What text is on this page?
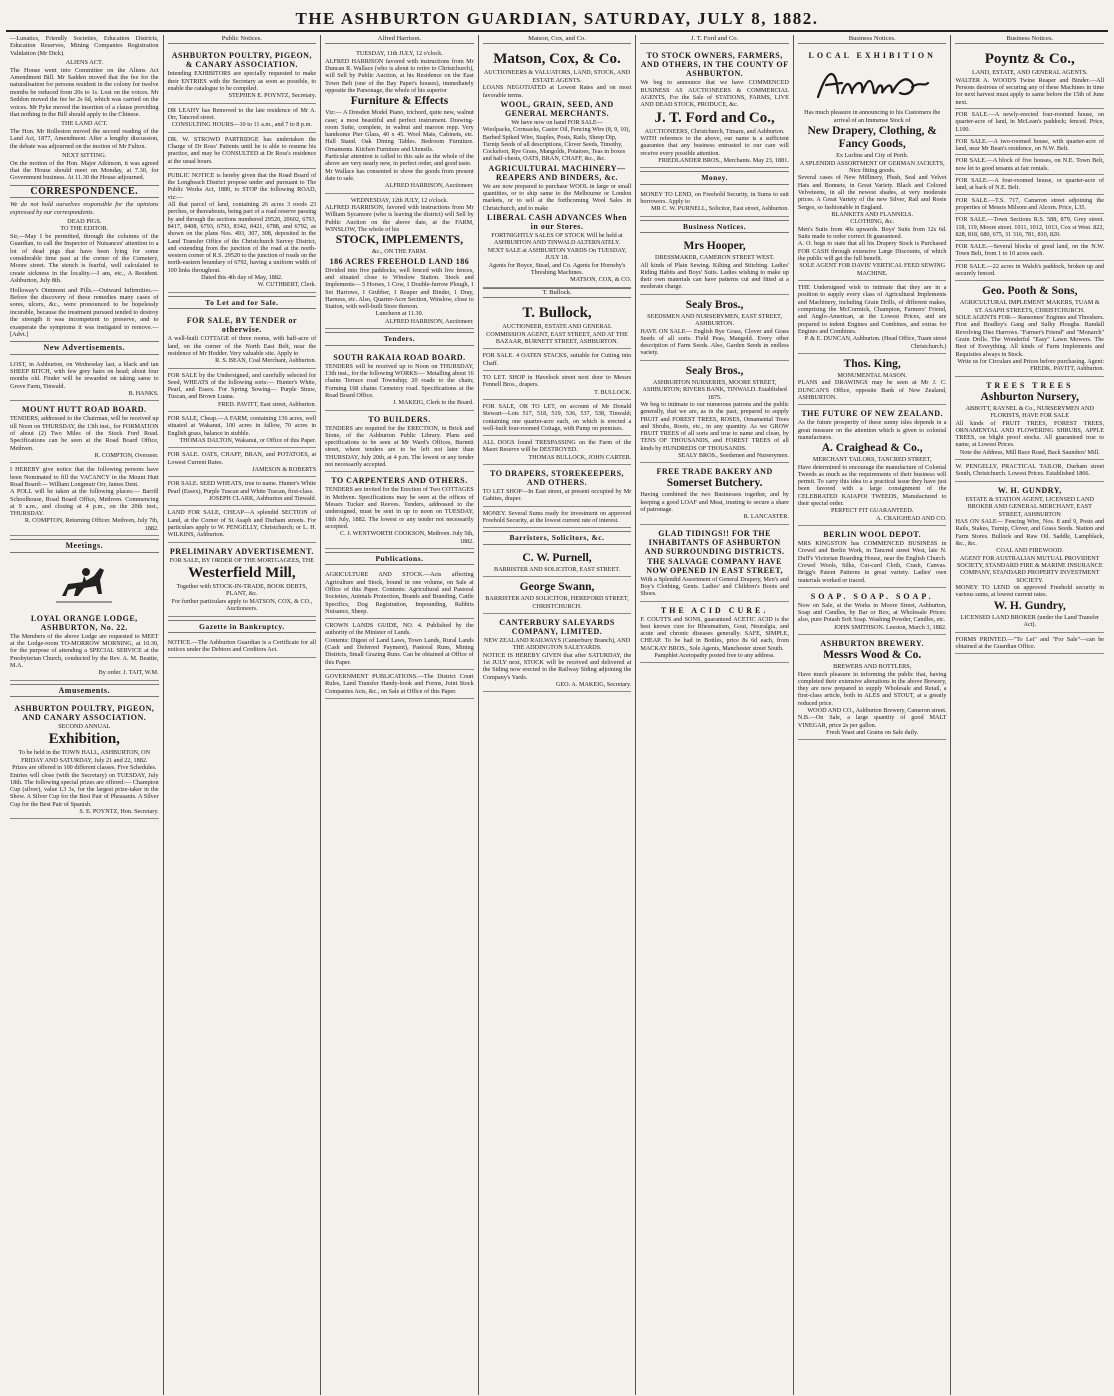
THE ASHBURTON GUARDIAN, SATURDAY, JULY 8, 1882.
—Lunatics, Friendly Societies, Education Districts, Education Reserves, Mining Companies Registration Validation (Mr Dick).
ALIENS ACT.
The House went into Committee on the Aliens Act Amendment Bill. Mr Sadden moved that the fee for the naturalisation for persons resident in the colony for twelve months be reduced from 20s to 1s. Lost on the voices. Mr Seddon moved the fee be 2s 6d, which was carried on the voices. Mr Pyke moved the insertion of a clause providing that nothing in the Bill should apply to the Chinese.
THE LAND ACT.
The Hon. Mr Rolleston moved the second reading of the Land Act, 1877, Amendment. After a lengthy discussion, the debate was adjourned on the motion of Mr Fulton.
NEXT SITTING.
On the motion of the Hon. Major Atkinson, it was agreed that the House should meet on Monday, at 7.30, for Government business. At 11.30 the House adjourned.
CORRESPONDENCE.
We do not hold ourselves responsible for the opinions expressed by our correspondents.
DEAD PIGS.
TO THE EDITOR.
Sir,—May I be permitted, through the columns of the Guardian, to call the Inspector of Nuisances' attention to a lot of dead pigs that have been lying for some considerable time past at the corner of the Cemetery, Moore street. The stench is fearful, well calculated to create sickness in the locality.—I am, etc., A Resident. Ashburton, July 8th.
Holloway's Ointment and Pills.—Outward Infirmities.—Before the discovery of these remedies many cases of sores, ulcers, &c., were pronounced to be hopelessly incurable, because the treatment pursued tended to destroy the strength it was incompetent to preserve, and to exasperate the symptoms it was instigated to remove.—[Advt.]
New Advertisements.
LOST, in Ashburton, on Wednesday last, a black and tan SHEEP BITCH, with few grey hairs on head; about four months old. Finder will be rewarded on taking same to Grove Farm, Tinwald.
B. HANKS.
MOUNT HUTT ROAD BOARD.
TENDERS, addressed to the Chairman, will be received up till Noon on THURSDAY, the 13th inst., for FORMATION of about (2) Two Miles of the Stock Ford Road. Specifications can be seen at the Road Board Office, Methven.
R. COMPTON, Overseer.
I HEREBY give notice that the following persons have been Nominated to fill the VACANCY in the Mount Hutt Road Board:— William Longmuir Orr, James Dent.
A POLL will be taken at the following places:— Barrill Schoolhouse, Road Board Office, Methven. Commencing at 9 a.m., and closing at 4 p.m., on the 20th inst., THURSDAY.
R. COMPTON, Returning Officer. Methven, July 7th, 1882.
Meetings.
LOYAL ORANGE LODGE, ASHBURTON, No. 22.
The Members of the above Lodge are requested to MEET at the Lodge-room TO-MORROW MORNING, at 10.30, for the purpose of attending a SPECIAL SERVICE at the Presbyterian Church, conducted by the Rev. A. M. Beattie, M.A.
By order. J. TAIT, W.M.
Amusements.
ASHBURTON POULTRY, PIGEON, AND CANARY ASSOCIATION.
SECOND ANNUAL
Exhibition,
To be held in the TOWN HALL, ASHBURTON, ON FRIDAY AND SATURDAY, July 21 and 22, 1882.
Prizes are offered in 100 different classes. Five Schedules.
Entries will close (with the Secretary) on TUESDAY, July 18th. The following special prizes are offered:— Champion Cup (silver), value L3 3s, for the largest prize-taker in the Show. A Silver Cup for the Best Pair of Pheasants. A Silver Cup for the Best Pair of Spanish.
S. E. POYNTZ, Hon. Secretary.
Public Notices.
ASHBURTON POULTRY, PIGEON, & CANARY ASSOCIATION.
Intending EXHIBITORS are specially requested to make their ENTRIES with the Secretary as soon as possible, to enable the catalogue to be compiled.
STEPHEN E. POYNTZ, Secretary.
DR LEAHY has Removed to the late residence of Mr A. Orr, Tancred street.
CONSULTING HOURS—10 to 11 a.m., and 7 to 8 p.m.
DR. W. STROWD PARTRIDGE has undertaken the Charge of Dr Ross' Patients until he is able to resume his practice, and may be CONSULTED at Dr Ross's residence at the usual hours.
PUBLIC NOTICE is hereby given that the Road Board of the Longbeach District propose under and pursuant to The Public Works Act, 1880, to STOP the following ROAD, viz:—
All that parcel of land, containing 26 acres 3 roods 23 perches, or thereabouts, being part of a road reserve passing by and through the sections numbered 29520, 20602, 6793, 8417, 8408, 6793, 6793, 8342, 8421, 6788, and 6792, as shown on the plans Nos. 493, 307, 308, deposited in the Land Transfer Office of the Christchurch Survey District, and extending from the junction of the road at the north-western corner of R.S. 29520 to the junction of roads on the north-eastern boundary of 6792, having a uniform width of 100 links throughout.
Dated this 4th day of May, 1882.
W. CUTHBERT, Clerk.
To Let and for Sale.
FOR SALE, BY TENDER or otherwise.
A well-built COTTAGE of three rooms, with half-acre of land, on the corner of the North East Belt, near the residence of Mr Hodder. Very valuable site. Apply to
R. S. BEAN, Coal Merchant, Ashburton.
FOR SALE by the Undersigned, and carefully selected for Seed, WHEATS of the following sorts:— Hunter's White, Pearl, and Essex. For Spring Sowing— Purple Straw, Tuscan, and Brown Luana.
FRED. PAVITT, East street, Ashburton.
FOR SALE, Cheap.—A FARM, containing 136 acres, well situated at Wakanui, 100 acres in fallow, 70 acres in English grass, balance in stubble.
THOMAS DALTON, Wakanui, or Office of this Paper.
FOR SALE. OATS, CHAFF, BRAN, and POTATOES, at Lowest Current Rates.
JAMESON & ROBERTS
FOR SALE. SEED WHEATS, true to name. Hunter's White Pearl (Essex), Purple Tuscan and White Tuscan, first-class.
JOSEPH CLARK, Ashburton and Tinwald.
LAND FOR SALE, CHEAP—A splendid SECTION of Land, at the Corner of St Asaph and Durham streets. For particulars apply to W. PENGELLY, Christchurch; or L. H. WILKINS, Ashburton.
PRELIMINARY ADVERTISEMENT.
FOR SALE, BY ORDER OF THE MORTGAGEES, THE
Westerfield Mill,
Together with STOCK-IN-TRADE, BOOK DEBTS, PLANT, &c.
For further particulars apply to MATSON, COX, & CO., Auctioneers.
Gazette in Bankruptcy.
NOTICE.—The Ashburton Guardian is a Certificate for all notices under the Debtors and Creditors Act.
Alfred Harrison.
TUESDAY, 11th JULY, 12 o'clock.
ALFRED HARRISON favored with instructions from Mr Duncan R. Wallace (who is about to retire to Christchurch), will Sell by Public Auction, at his Residence on the East Town Belt (one of the Bay Paper's houses), immediately opposite the Parsonage, the whole of his superior
Furniture & Effects
Viz:— A Dresden Model Piano, trichord, quite new, walnut case; a most beautiful and perfect instrument. Drawing-room Suite, complete, in walnut and maroon repp. Very handsome Pier Glass, 40 x 45. Wool Mats, Cabinets, etc. Hall Stand. Oak Dining Tables. Bedroom Furniture. Ornaments. Kitchen Furniture and Utensils.
Particular attention is called to this sale as the whole of the above are very nearly new, in perfect order, and good taste.
Mr Wallace has consented to show the goods from present date to sale.
ALFRED HARRISON, Auctioneer.
WEDNESDAY, 12th JULY, 12 o'clock.
ALFRED HARRISON, favored with instructions from Mr William Sycamore (who is leaving the district) will Sell by Public Auction on the above date, at the FARM, WINSLOW, The whole of his
STOCK, IMPLEMENTS,
&c., ON THE FARM.
186 ACRES FREEHOLD LAND 186
Divided into five paddocks; well fenced with live fences, and situated close to Winslow Station. Stock and Implements— 5 Horses, 1 Cow, 1 Double-furrow Plough, 1 Set Harrows, 1 Grubber, 1 Reaper and Binder, 1 Dray, Harness, etc. Also, Quarter-Acre Section, Winslow, close to Station, with well-built Store thereon.
Luncheon at 11.30.
ALFRED HARRISON, Auctioneer.
Tenders.
SOUTH RAKAIA ROAD BOARD.
TENDERS will be received up to Noon on THURSDAY, 13th inst., for the following WORKS:— Metalling about 16 chains Terrace road Township; 20 roads to the chain; Forming 168 chains Cemetery road. Specifications at the Road Board Office.
J. MAKEIG, Clerk to the Board.
TO BUILDERS.
TENDERS are required for the ERECTION, in Brick and Stone, of the Ashburton Public Library. Plans and specifications to be seen at Mr Ward's Offices, Burnett street, where tenders are to be left not later than THURSDAY, July 20th, at 4 p.m. The lowest or any tender not necessarily accepted.
TO CARPENTERS AND OTHERS.
TENDERS are invited for the Erection of Two COTTAGES in Methven. Specifications may be seen at the offices of Messrs Tucker and Reeves. Tenders, addressed to the undersigned, must be sent in up to noon on TUESDAY, 18th July, 1882. The lowest or any tender not necessarily accepted.
C. J. WENTWORTH COOKSON, Methven. July 5th, 1882.
Publications.
AGRICULTURE AND STOCK.—Acts affecting Agriculture and Stock, bound in one volume, on Sale at Office of this Paper. Contents: Agricultural and Pastoral Societies, Animals Protection, Brands and Branding, Cattle Specifics, Dog Registration, Impounding, Rabbits Nuisance, Sheep.
CROWN LANDS GUIDE, NO. 4. Published by the authority of the Minister of Lands.
Contents: Digest of Land Laws, Town Lands, Rural Lands (Cash and Deferred Payment), Pastoral Runs, Mining Districts, Small Grazing Runs. Can be obtained at Office of this Paper.
GOVERNMENT PUBLICATIONS.—The District Court Rules, Land Transfer Handy-book and Forms, Joint Stock Companies Acts, &c., on Sale at Office of this Paper.
Matson, Cox, and Co.
Matson, Cox, & Co.
AUCTIONEERS & VALUATORS, LAND, STOCK, AND ESTATE AGENTS.
LOANS NEGOTIATED at Lowest Rates and on most favorable terms.
WOOL, GRAIN, SEED, AND GENERAL MERCHANTS.
We have now on hand FOR SALE—
Woolpacks, Cornsacks, Castor Oil, Fencing Wire (8, 9, 10), Barbed Spiked Wire, Staples, Posts, Rails, Sheep Dip, Turnip Seeds of all descriptions, Clover Seeds, Timothy, Cocksfoot, Rye Grass, Mangolds, Potatoes, Teas in boxes and half-chests, OATS, BRAN, CHAFF, &c., &c.
AGRICULTURAL MACHINERY—REAPERS AND BINDERS, &c.
We are now prepared to purchase WOOL in large or small quantities, or to ship same to the Melbourne or London markets, or to sell at the forthcoming Wool Sales in Christchurch, and to make
LIBERAL CASH ADVANCES When in our Stores.
FORTNIGHTLY SALES OF STOCK Will be held at ASHBURTON AND TINWALD ALTERNATELY.
NEXT SALE at ASHBURTON YARDS On TUESDAY, JULY 18.
Agents for Boyce, Stead, and Co. Agents for Hornsby's Threshing Machines.
MATSON, COX, & CO.
T. Bullock.
T. Bullock,
AUCTIONEER, ESTATE AND GENERAL COMMISSION AGENT, EAST STREET, AND AT THE BAZAAR, BURNETT STREET, ASHBURTON.
FOR SALE. 4 OATEN STACKS, suitable for Cutting into Chaff.
TO LET. SHOP in Havelock street next door to Messrs Fennell Bros., drapers.
T. BULLOCK.
FOR SALE, OR TO LET, on account of Mr Donald Stewart—Lots 517, 518, 519, 536, 537, 538, Tinwald; containing one quarter-acre each, on which is erected a well-built four-roomed Cottage, with Pump on premises.
ALL DOGS found TRESPASSING on the Farm of the Maori Reserve will be DESTROYED.
THOMAS BULLOCK, JOHN CARTER.
TO DRAPERS, STOREKEEPERS, AND OTHERS.
TO LET SHOP—In East street, at present occupied by Mr Gabites, draper.
MONEY. Several Sums ready for investment on approved Freehold Security, at the lowest current rate of interest.
Barristers, Solicitors, &c.
C. W. Purnell,
BARRISTER AND SOLICITOR, EAST STREET.
George Swann,
BARRISTER AND SOLICITOR, HEREFORD STREET, CHRISTCHURCH.
CANTERBURY SALEYARDS COMPANY, LIMITED.
NEW ZEALAND RAILWAYS (Canterbury Branch), AND THE ADDINGTON SALEYARDS.
NOTICE IS HEREBY GIVEN that after SATURDAY, the 1st JULY next, STOCK will be received and delivered at the Siding now erected to the Railway Siding adjoining the Company's Yards.
GEO. A. MAKEIG, Secretary.
J. T. Ford and Co.
TO STOCK OWNERS, FARMERS, AND OTHERS, IN THE COUNTY OF ASHBURTON.
We beg to announce that we have COMMENCED BUSINESS AS AUCTIONEERS & COMMERCIAL AGENTS, For the Sale of STATIONS, FARMS, LIVE AND DEAD STOCK, PRODUCE, &c.
J. T. Ford and Co.,
AUCTIONEERS, Christchurch, Timaru, and Ashburton.
WITH reference to the above, our name is a sufficient guarantee that any business entrusted to our care will receive every possible attention.
FRIEDLANDER BROS., Merchants. May 23, 1881.
Money.
MONEY TO LEND, on Freehold Security, in Sums to suit borrowers. Apply to
MR C. W. PURNELL, Solicitor, East street, Ashburton.
Business Notices.
Mrs Hooper,
DRESSMAKER, CAMERON STREET WEST.
All kinds of Plain Sewing. Kilting and Stitching. Ladies' Riding Habits and Boys' Suits. Ladies wishing to make up their own materials can have patterns cut and fitted at a moderate charge.
Sealy Bros.,
SEEDSMEN AND NURSERYMEN, EAST STREET, ASHBURTON.
HAVE ON SALE— English Rye Grass, Clover and Grass Seeds of all sorts. Field Peas, Mangold. Every other description of Farm Seeds. Also, Garden Seeds in endless variety.
Sealy Bros.,
ASHBURTON NURSERIES, MOORE STREET, ASHBURTON; RIVERS BANK, TINWALD. Established 1875.
We beg to intimate to our numerous patrons and the public generally, that we are, as in the past, prepared to supply FRUIT and FOREST TREES, ROSES, Ornamental Trees and Shrubs, Roots, etc., in any quantity. As we GROW FRUIT TREES of all sorts and true to name and clean, by TENS OF THOUSANDS, and FOREST TREES of all kinds by HUNDREDS OF THOUSANDS.
SEALY BROS., Seedsmen and Nurserymen.
FREE TRADE BAKERY AND
Somerset Butchery.
Having combined the two Businesses together, and by keeping a good LOAF and Meat, trusting to secure a share of patronage.
R. LANCASTER.
GLAD TIDINGS!! FOR THE INHABITANTS OF ASHBURTON AND SURROUNDING DISTRICTS.
THE SALVAGE COMPANY HAVE NOW OPENED IN EAST STREET,
With a Splendid Assortment of General Drapery, Men's and Boy's Clothing, Gents. Ladies' and Children's Boots and Shoes.
THE ACID CURE.
F. COUTTS and SONS, guaranteed ACETIC ACID is the best known cure for Rheumatism, Gout, Neuralgia, and acute and chronic diseases generally. SAFE, SIMPLE, CHEAP. To be had in Bottles, price 8s 6d each, from MACKAY BROS., Sole Agents, Manchester street South.
Pamphlet Acetopathy posted free to any address.
Business Notices.
LOCAL EXHIBITION
Has much pleasure in announcing to his Customers the arrival of an Immense Stock of
New Drapery, Clothing, & Fancy Goods,
Ex Lurline and City of Perth.
A SPLENDID ASSORTMENT OF GERMAN JACKETS, Nice fitting goods.
Several cases of New Millinery, Plush, Seal and Velvet Hats and Bonnets, in Great Variety. Black and Colored Velveteens, in all the newest shades, at very moderate prices. A Great Variety of the new Silver, Rail and Rosie Serges, so fashionable in England.
BLANKETS AND FLANNELS.
CLOTHING, &c.
Men's Suits from 40s upwards. Boys' Suits from 12s 6d. Suits made to order correct fit guaranteed.
A. O. begs to state that all his Drapery Stock is Purchased FOR CASH through extensive Large Discounts, of which the public will get the full benefit.
SOLE AGENT FOR DAVIS' VERTICAL FEED SEWING MACHINE.
THE Undersigned wish to intimate that they are in a position to supply every class of Agricultural Implements and Machinery, including Grain Drills, of different makes, comprising the McCormick, Champion, Farmers' Friend, and Anglo-American, at the Lowest Prices, and are prepared to indent Engines and Combines, and extras for Engines and Combines.
P. & E. DUNCAN, Ashburton. (Head Office, Tuam street Christchurch.)
Thos. King,
MONUMENTAL MASON.
PLANS and DRAWINGS may be seen at Mr J. C. DUNCAN'S Office, opposite Bank of New Zealand, ASHBURTON.
THE FUTURE OF NEW ZEALAND.
As the future prosperity of these sunny isles depends in a great measure on the attention which is given to colonial manufactures.
A. Craighead & Co.,
MERCHANT TAILORS, TANCRED STREET,
Have determined to encourage the manufacture of Colonial Tweeds as much as the requirements of their business will permit. To carry this idea to a practical issue they have just been favored with a large consignment of the CELEBRATED KAIAPOI TWEEDS, Manufactured to their special order.
PERFECT FIT GUARANTEED.
A. CRAIGHEAD AND CO.
BERLIN WOOL DEPOT.
MRS KINGSTON has COMMENCED BUSINESS in Crewel and Berlin Work, in Tancred street West, late N. Duff's Victorian Boarding House, near the English Church. Crewel Wools, Silks, Cut-card Cloth, Crash, Canvas. Brigg's Patent Patterns in great variety. Ladies' own materials worked or traced.
SOAP. SOAP. SOAP.
Now on Sale, at the Works in Moore Street, Ashburton, Soap and Candles, by Bar or Box, at Wholesale Prices: also, pure Potash Soft Soap. Washing Powder, Candles, etc.
JOHN SMITHSON. Leeston, March 3, 1882.
ASHBURTON BREWERY.
Messrs Wood & Co.
BREWERS AND BOTTLERS,
Have much pleasure in informing the public that, having completed their extensive alterations in the above Brewery, they are now prepared to supply Wholesale and Retail, a first-class article, both in ALES and STOUT, at a greatly reduced price.
WOOD AND CO., Ashburton Brewery, Cameron street.
N.B.—On Sale, a large quantity of good MALT VINEGAR, price 2s per gallon.
Fresh Yeast and Grains on Sale daily.
Business Notices.
Poyntz & Co.,
LAND, ESTATE, AND GENERAL AGENTS.
WALTER A. WOOD'S Twine Reaper and Binder.—All Persons desirous of securing any of these Machines in time for next harvest must apply to same before the 15th of June next.
FOR SALE.—A newly-erected four-roomed house, on quarter-acre of land, in McLean's paddock; fenced. Price, L100.
FOR SALE.—A two-roomed house, with quarter-acre of land, near Mr Bean's residence, on N.W. Belt.
FOR SALE.—A block of five houses, on N.E. Town Belt, now let to good tenants at fair rentals.
FOR SALE.—A four-roomed house, or quarter-acre of land, at back of N.E. Belt.
FOR SALE.—T.S. 717, Cameron street adjoining the properties of Messrs Milsom and Alcorn. Price, L35.
FOR SALE.—Town Sections R.S. 588, 879, Grey street. 118, 119, Moore street. 1011, 1012, 1013, Cox st West. 822, 828, 818, 680, 675, 31 316, 781, 810, 820.
FOR SALE.—Several blocks of good land, on the N.W. Town Belt, from 1 to 10 acres each.
FOR SALE.—22 acres in Walsh's paddock, broken up and securely fenced.
Geo. Pooth & Sons,
AGRICULTURAL IMPLEMENT MAKERS, TUAM & ST. ASAPH STREETS, CHRISTCHURCH.
SOLE AGENTS FOR— Ransomes' Engines and Threshers. First and Bradley's Gang and Sulky Ploughs. Randall Revolving Disc Harrows. "Farmer's Friend" and "Monarch" Grain Drills. The Wonderful "Easy" Lawn Mowers. The Best of Everything. All kinds of Farm Implements and Requisites always in Stock.
Write us for Circulars and Prices before purchasing. Agent: FREDK. PAVITT, Ashburton.
TREES TREES
Ashburton Nursery,
ABBOTT, RAYNEL & Co., NURSERYMEN AND FLORISTS, HAVE FOR SALE
All kinds of FRUIT TREES, FOREST TREES, ORNAMENTAL AND FLOWERING SHRUBS, APPLE TREES, on blight proof stocks. All guaranteed true to name, at Lowest Prices.
Note the Address, Mill Race Road, Back Saunders' Mill.
W. PENGELLY, PRACTICAL TAILOR, Durham street South, Christchurch. Lowest Prices. Established 1866.
W. H. GUNDRY,
ESTATE & STATION AGENT, LICENSED LAND BROKER AND GENERAL MERCHANT, EAST STREET, ASHBURTON
HAS ON SALE— Fencing Wire, Nos. 8 and 9, Posts and Rails, Stakes, Turnip, Clover, and Grass Seeds. Station and Farm Stores. Bullock and Raw Oil. Saddle, Lampblack, &c., &c.
COAL AND FIREWOOD.
AGENT FOR AUSTRALIAN MUTUAL PROVIDENT SOCIETY, STANDARD FIRE & MARINE INSURANCE COMPANY, STANDARD PROPERTY INVESTMENT SOCIETY.
MONEY TO LEND on approved Freehold security in various sums, at lowest current rates.
W. H. Gundry,
LICENSED LAND BROKER (under the Land Transfer Act).
FORMS PRINTED.—"To Let" and "For Sale"—can be obtained at the Guardian Office.
